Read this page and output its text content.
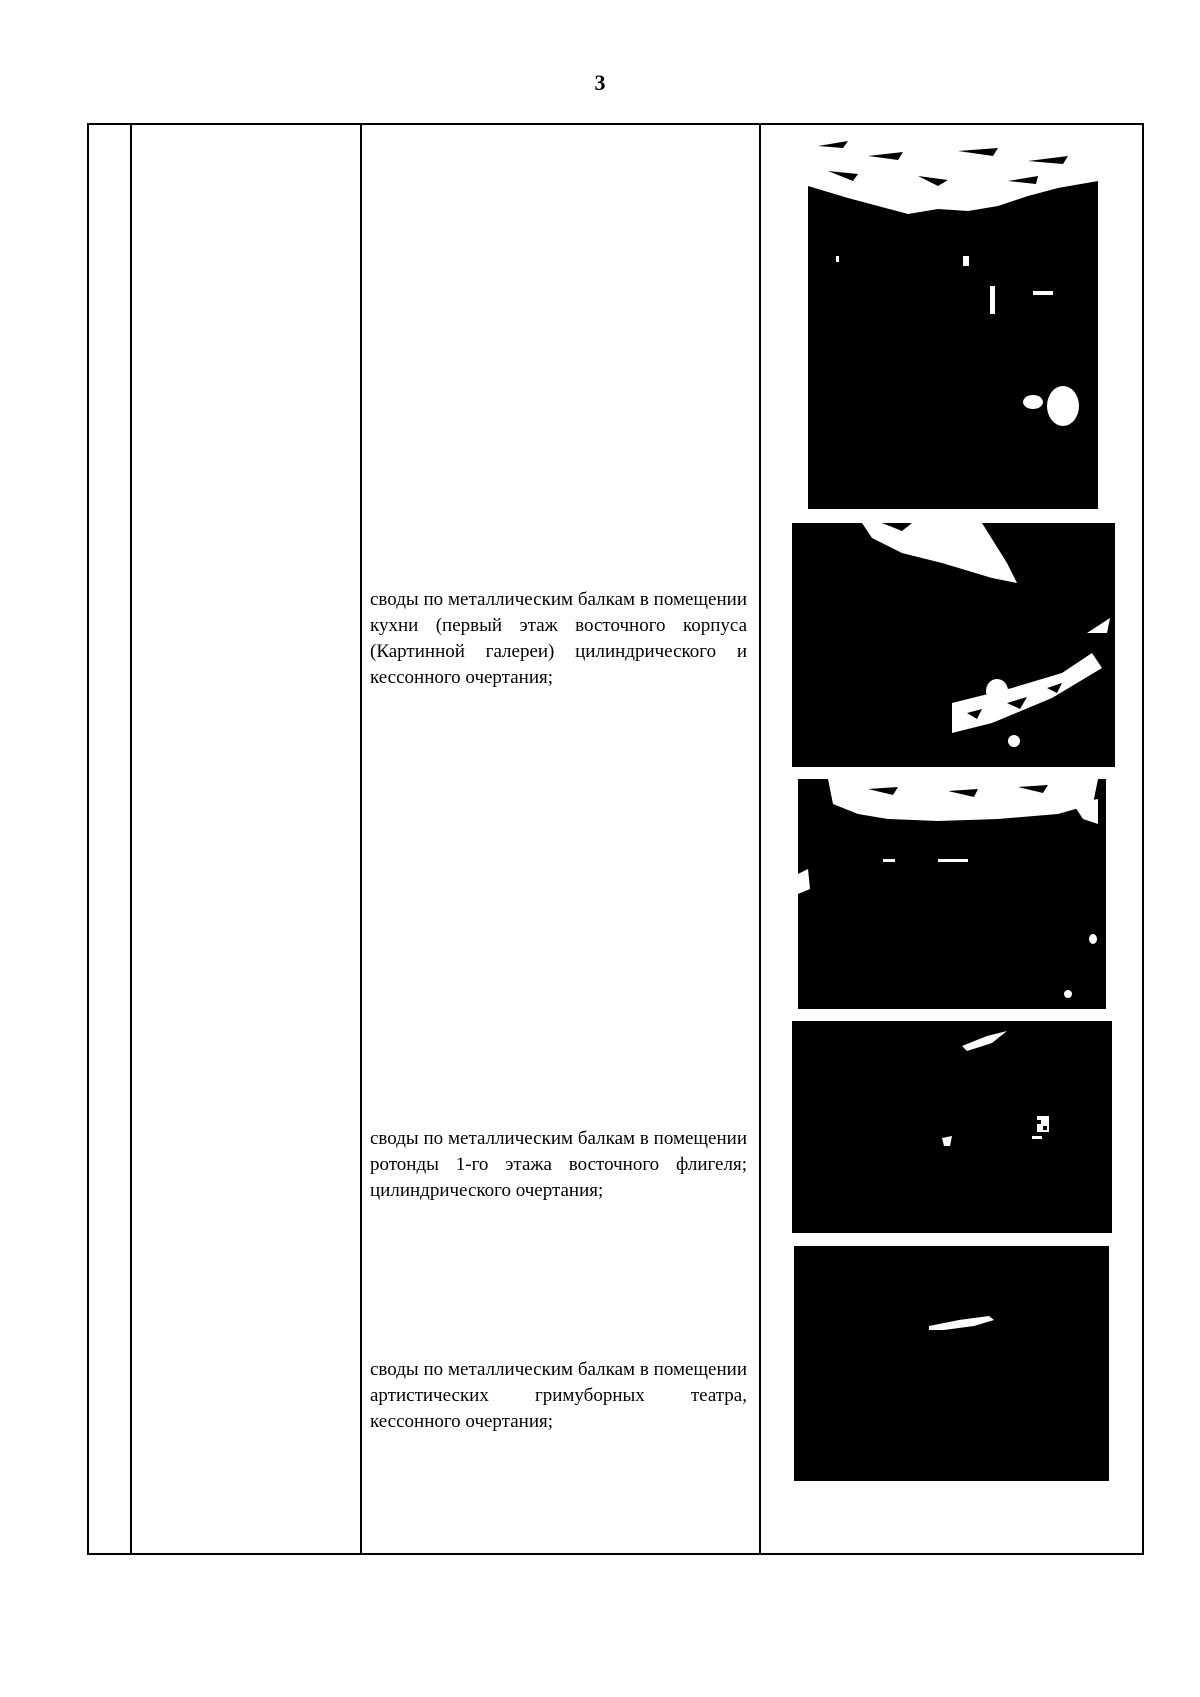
3
своды по металлическим балкам в помещении кухни (первый этаж восточного корпуса (Картинной галереи) цилиндрического и кессонного очертания;
своды по металлическим балкам в помещении ротонды 1-го этажа восточного флигеля; цилиндрического очертания;
своды по металлическим балкам в помещении артистических гримуборных театра, кессонного очертания;
